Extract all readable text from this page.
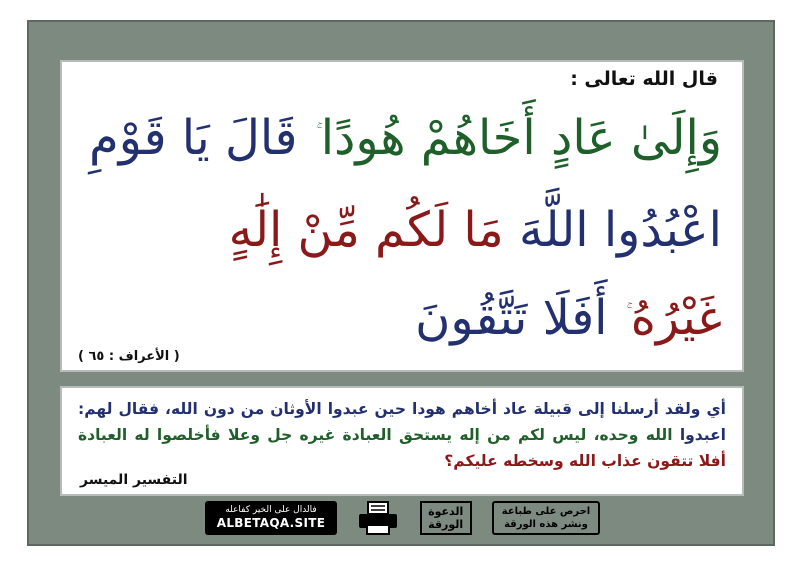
قال الله تعالى :
وَإِلَىٰ عَادٍ أَخَاهُمْ هُودًا قَالَ يَا قَوْمِ
اعْبُدُوا اللَّهَ مَا لَكُم مِّنْ إِلَٰهٍ
غَيْرُهُ أَفَلَا تَتَّقُونَ
( الأعراف : ٦٥ )
أي ولقد أرسلنا إلى قبيلة عاد أخاهم هودا حين عبدوا الأوثان من دون الله، فقال لهم: اعبدوا الله وحده، ليس لكم من إله يستحق العبادة غيره جل وعلا فأخلصوا له العبادة أفلا تتقون عذاب الله وسخطه عليكم؟
التفسير الميسر
فالدال على الخير كفاعله
ALBETAQA.SITE
الدعوة
الورقة
احرص على طباعة
ونشر هذه الورقة
